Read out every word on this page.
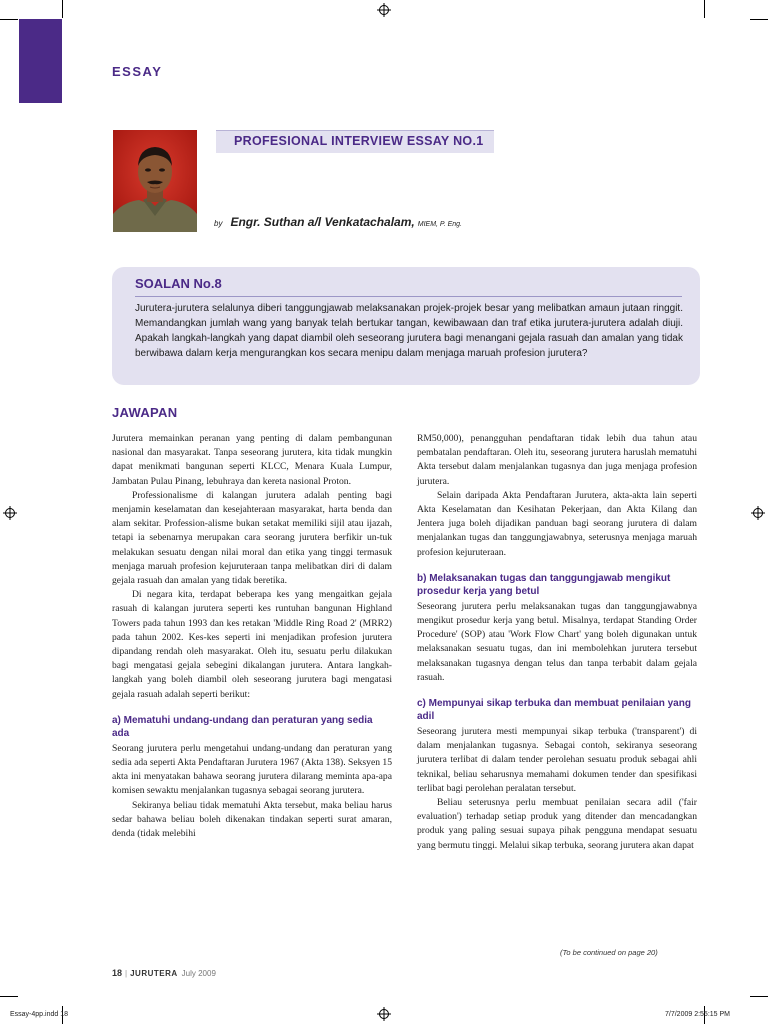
ESSAY
PROFESIONAL INTERVIEW ESSAY NO.1
by Engr. Suthan a/l Venkatachalam, MIEM, P. Eng.
SOALAN No.8

Jurutera-jurutera selalunya diberi tanggungjawab melaksanakan projek-projek besar yang melibatkan amaun jutaan ringgit. Memandangkan jumlah wang yang banyak telah bertukar tangan, kewibawaan dan traf etika jurutera-jurutera adalah diuji. Apakah langkah-langkah yang dapat diambil oleh seseorang jurutera bagi menangani gejala rasuah dan amalan yang tidak berwibawa dalam kerja mengurangkan kos secara menipu dalam menjaga maruah profesion jurutera?

JAWAPAN

Jurutera memainkan peranan yang penting di dalam pembangunan nasional dan masyarakat. Tanpa seseorang jurutera, kita tidak mungkin dapat menikmati bangunan seperti KLCC, Menara Kuala Lumpur, Jambatan Pulau Pinang, lebuhraya dan kereta nasional Proton.

Professionalisme di kalangan jurutera adalah penting bagi menjamin keselamatan dan kesejahteraan masyarakat, harta benda dan alam sekitar. Profession-alisme bukan setakat memiliki sijil atau ijazah, tetapi ia sebenarnya merupakan cara seorang jurutera berfikir un-tuk melakukan sesuatu dengan nilai moral dan etika yang tinggi termasuk menjaga maruah profesion kejuruteraan tanpa melibatkan diri di dalam gejala rasuah dan amalan yang tidak beretika.

Di negara kita, terdapat beberapa kes yang mengaitkan gejala rasuah di kalangan jurutera seperti kes runtuhan bangunan Highland Towers pada tahun 1993 dan kes retakan 'Middle Ring Road 2' (MRR2) pada tahun 2002. Kes-kes seperti ini menjadikan profesion jurutera dipandang rendah oleh masyarakat. Oleh itu, sesuatu perlu dilakukan bagi mengatasi gejala sebegini dikalangan jurutera. Antara langkah-langkah yang boleh diambil oleh seseorang jurutera bagi mengatasi gejala rasuah adalah seperti berikut:

a) Mematuhi undang-undang dan peraturan yang sedia ada

Seorang jurutera perlu mengetahui undang-undang dan peraturan yang sedia ada seperti Akta Pendaftaran Jurutera 1967 (Akta 138). Seksyen 15 akta ini menyatakan bahawa seorang jurutera dilarang meminta apa-apa komisen sewaktu menjalankan tugasnya sebagai seorang jurutera.

Sekiranya beliau tidak mematuhi Akta tersebut, maka beliau harus sedar bahawa beliau boleh dikenakan tindakan seperti surat amaran, denda (tidak melebihi

RM50,000), penangguhan pendaftaran tidak lebih dua tahun atau pembatalan pendaftaran. Oleh itu, seseorang jurutera haruslah mematuhi Akta tersebut dalam menjalankan tugasnya dan juga menjaga profesion jurutera.

Selain daripada Akta Pendaftaran Jurutera, akta-akta lain seperti Akta Keselamatan dan Kesihatan Pekerjaan, dan Akta Kilang dan Jentera juga boleh dijadikan panduan bagi seorang jurutera di dalam menjalankan tugas dan tanggungjawabnya, seterusnya menjaga maruah profesion kejuruteraan.

b) Melaksanakan tugas dan tanggungjawab mengikut prosedur kerja yang betul

Seseorang jurutera perlu melaksanakan tugas dan tanggungjawabnya mengikut prosedur kerja yang betul. Misalnya, terdapat Standing Order Procedure' (SOP) atau 'Work Flow Chart' yang boleh digunakan untuk melaksanakan sesuatu tugas, dan ini membolehkan jurutera tersebut melaksanakan tugasnya dengan telus dan tanpa terbabit dalam gejala rasuah.

c) Mempunyai sikap terbuka dan membuat penilaian yang adil

Seseorang jurutera mesti mempunyai sikap terbuka ('transparent') di dalam menjalankan tugasnya. Sebagai contoh, sekiranya seseorang jurutera terlibat di dalam tender perolehan sesuatu produk sebagai ahli teknikal, beliau seharusnya memahami dokumen tender dan spesifikasi terlibat bagi perolehan peralatan tersebut.

Beliau seterusnya perlu membuat penilaian secara adil ('fair evaluation') terhadap setiap produk yang ditender dan mencadangkan produk yang paling sesuai supaya pihak pengguna mendapat sesuatu yang bermutu tinggi. Melalui sikap terbuka, seorang jurutera akan dapat

(To be continued on page 20)
18 | JURUTERA July 2009
Essay-4pp.indd 18	7/7/2009 2:55:15 PM
